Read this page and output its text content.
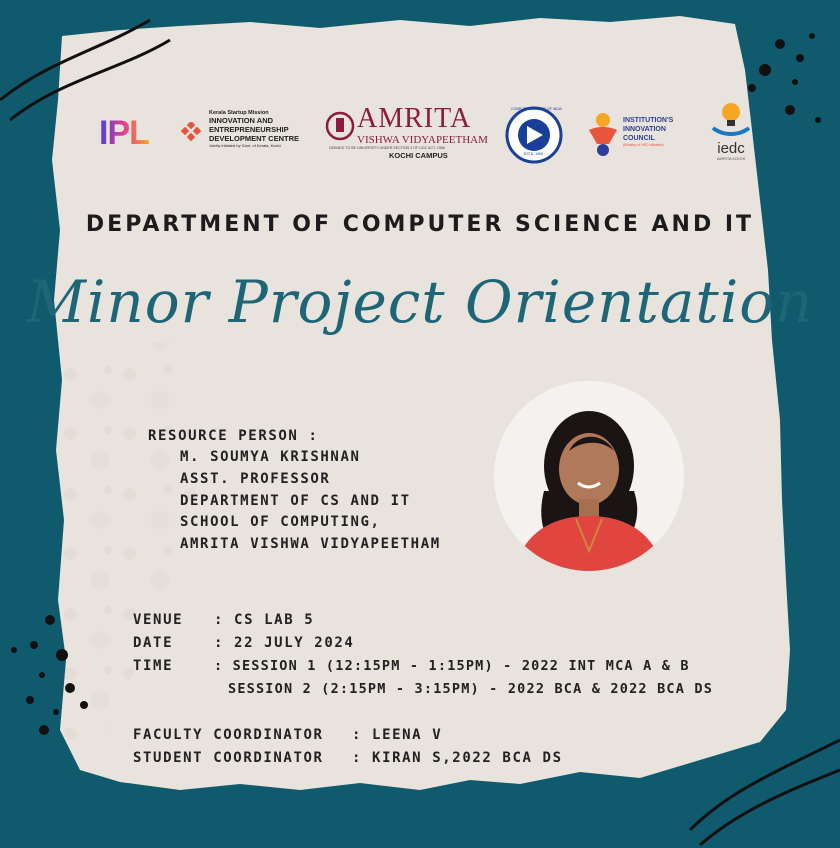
IPL
Kerala Startup Mission
INNOVATION AND
ENTREPRENEURSHIP
DEVELOPMENT CENTRE
Jointly initiated by Govt. of Kerala, Kochi
AMRITA
VISHWA VIDYAPEETHAM
DEEMED TO BE UNIVERSITY UNDER SECTION 3 OF UGC ACT, 1956
KOCHI CAMPUS
COMPUTER SOCIETY OF INDIA
ESTD. 1965
INSTITUTION'S
INNOVATION
COUNCIL
(Ministry of HRD Initiative)	iedc
AMRITA KOCHI
DEPARTMENT OF COMPUTER SCIENCE AND IT
Minor Project Orientation
RESOURCE PERSON :
M. SOUMYA KRISHNAN
ASST. PROFESSOR
DEPARTMENT OF CS AND IT
SCHOOL OF COMPUTING,
AMRITA VISHWA VIDYAPEETHAM
VENUE : CS LAB 5
DATE	: 22 JULY 2024
TIME	: SESSION 1 (12:15PM - 1:15PM) - 2022 INT MCA A & B
SESSION 2 (2:15PM - 3:15PM) - 2022 BCA & 2022 BCA DS
FACULTY COORDINATOR : LEENA V
STUDENT COORDINATOR : KIRAN S,2022 BCA DS
